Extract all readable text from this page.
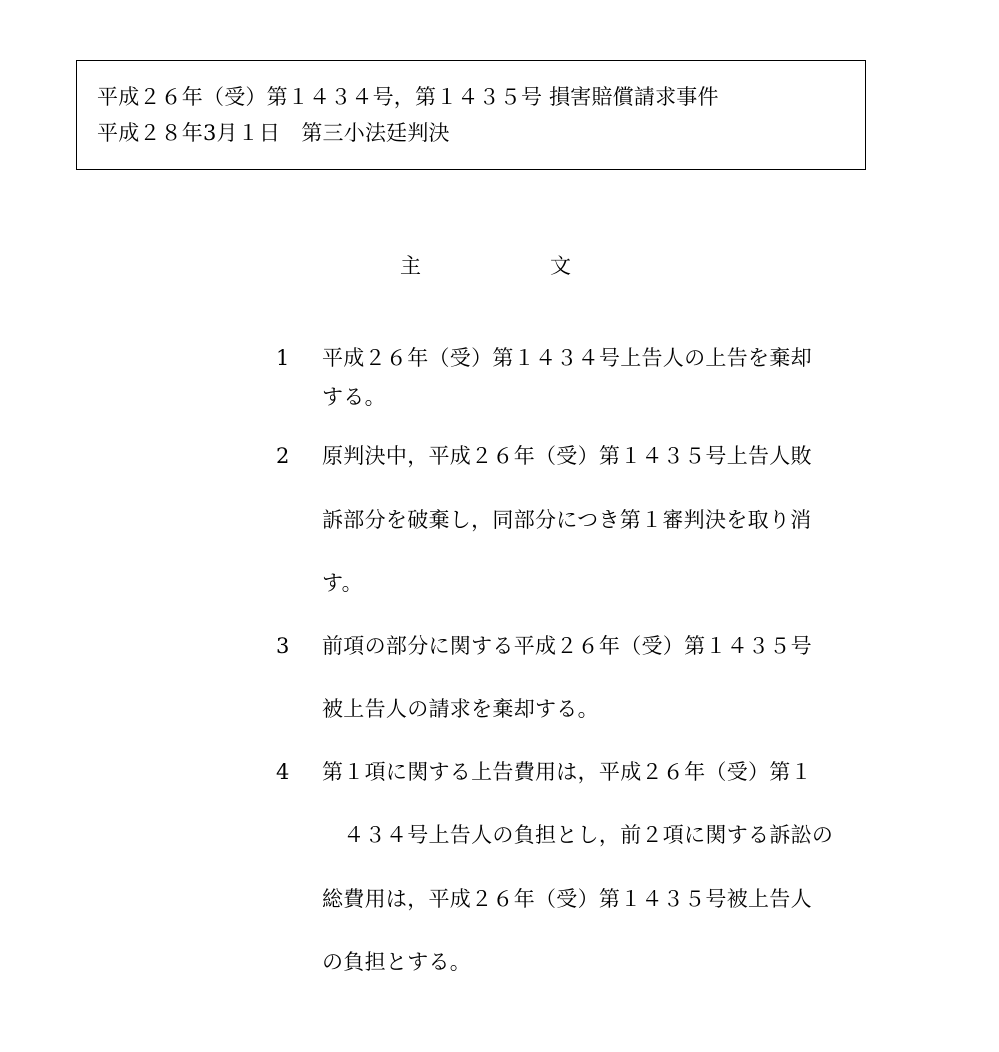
平成２６年（受）第１４３４号，第１４３５号 損害賠償請求事件
平成２８年3月１日　第三小法廷判決
主	文
1 平成２６年（受）第１４３４号上告人の上告を棄却
する。
2 原判決中，平成２６年（受）第１４３５号上告人敗
訴部分を破棄し，同部分につき第１審判決を取り消
す。
3 前項の部分に関する平成２６年（受）第１４３５号
被上告人の請求を棄却する。
4 第１項に関する上告費用は，平成２６年（受）第１
　４３４号上告人の負担とし，前２項に関する訴訟の
総費用は，平成２６年（受）第１４３５号被上告人
の負担とする。
